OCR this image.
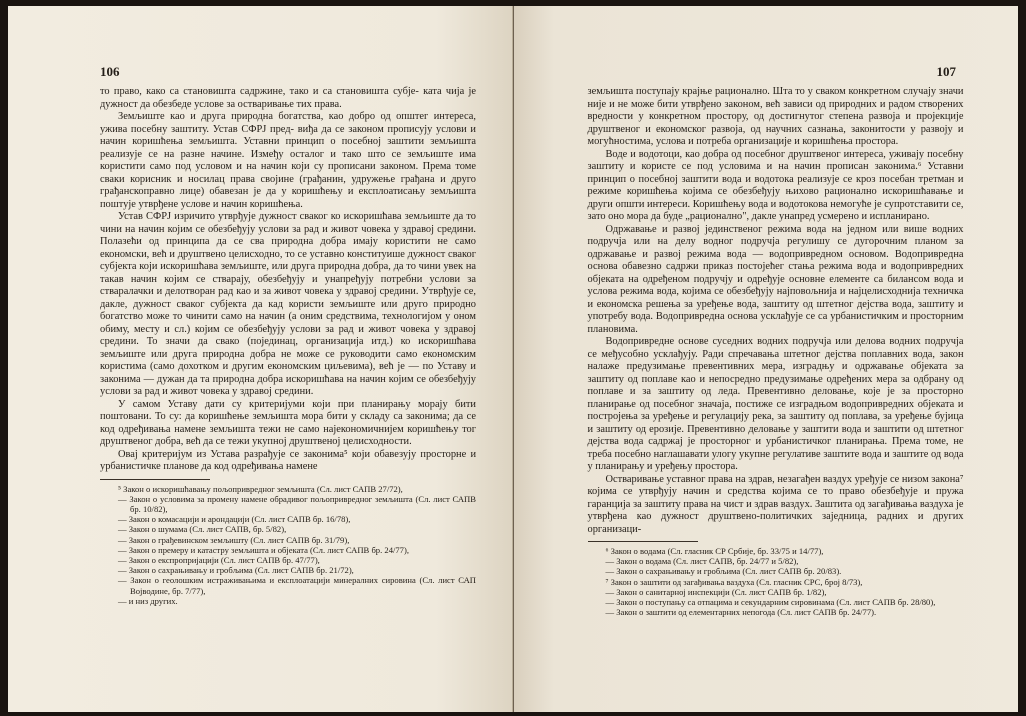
106

то право, како са становишта садржине, тако и са становишта субје- ката чија је дужност да обезбеде услове за остваривање тих права.

Земљиште као и друга природна богатства, као добро од општег интереса, ужива посебну заштиту. Устав СФРЈ пред- виђа да се законом прописују услови и начин коришћења земљишта. Уставни принцип о посебној заштити земљишта реализује се на разне начине. Између осталог и тако што се земљиште има користити само под условом и на начин који су прописани законом. Према томе сваки корисник и носилац права својине (грађанин, удружење грађана и друго грађанскоправно лице) обавезан је да у коришћењу и експлоатисању земљишта поштује утврђене услове и начин коришћења.

Устав СФРЈ изричито утврђује дужност сваког ко искоришћава земљиште да то чини на начин којим се обезбеђују услови за рад и живот човека у здравој средини. Полазећи од принципа да се сва природна добра имају користити не само економски, већ и друштвено целисходно, то се уставно конституише дужност сваког субјекта који искоришћава земљиште, или друга природна добра, да то чини увек на такав начин којим се стварају, обезбеђују и унапређују потребни услови за стваралачки и делотворан рад као и за живот човека у здравој средини. Утврђује се, дакле, дужност сваког субјекта да кад користи земљиште или друго природно богатство може то чинити само на начин (а оним средствима, технологијом у оном обиму, месту и сл.) којим се обезбеђују услови за рад и живот човека у здравој средини. То значи да свако (појединац, организација итд.) ко искоришћава земљиште или друга природна добра не може се руководити само економским користима (само дохотком и другим економским циљевима), већ је — по Уставу и законима — дужан да та природна добра искоришћава на начин којим се обезбеђују услови за рад и живот човека у здравој средини.

У самом Уставу дати су критеријуми који при планирању морају бити поштовани. То су: да коришћење земљишта мора бити у складу са законима; да се код одређивања намене земљишта тежи не само најекономичнијем коришћењу тог друштвеног добра, већ да се тежи укупној друштвеној целисходности.

Овај критеријум из Устава разрађује се законима⁵ који обавезују просторне и урбанистичке планове да код одређивања намене

⁵ Закон о искоришћавању пољопривредног земљишта (Сл. лист САПВ 27/72),

— Закон о условима за промену намене обрадивог пољопривредног земљишта (Сл. лист САПВ бр. 10/82),

— Закон о комасацији и арондацији (Сл. лист САПВ бр. 16/78),

— Закон о шумама (Сл. лист САПВ, бр. 5/82),

— Закон о грађевинском земљишту (Сл. лист САПВ бр. 31/79),

— Закон о премеру и катастру земљишта и објеката (Сл. лист САПВ бр. 24/77),

— Закон о експропријацији (Сл. лист САПВ бр. 47/77),

— Закон о сахрањивању и гробљима (Сл. лист САПВ бр. 21/72),

— Закон о геолошким истраживањима и експлоатацији минералних сировина (Сл. лист САП Војводине, бр. 7/77),

— и низ других.

107

земљишта поступају крајње рационално. Шта то у сваком конкретном случају значи није и не може бити утврђено законом, већ зависи од природних и радом створених вредности у конкретном простору, од достигнутог степена развоја и пројекције друштвеног и економског развоја, од научних сазнања, законитости у развоју и могућностима, услова и потреба организације и коришћења простора.

Воде и водотоци, као добра од посебног друштвеног интереса, уживају посебну заштиту и користе се под условима и на начин прописан законима.⁶ Уставни принцип о посебној заштити вода и водотока реализује се кроз посебан третман и режиме коришћења којима се обезбеђују њихово рационално искоришћавање и други општи интереси. Коришћењу вода и водотокова немогуће је супротставити се, зато оно мора да буде „рационално", дакле унапред усмерено и испланирано.

Одржавање и развој јединственог режима вода на једном или више водних подручја или на делу водног подручја регулишу се дугорочним планом за одржавање и развој режима вода — водопривредном основом. Водопривредна основа обавезно садржи приказ постојећег стања режима вода и водопривредних објеката на одређеном подручју и одређује основне елементе са билансом вода и услова режима вода, којима се обезбеђују најповољнија и најцелисходнија техничка и економска решења за уређење вода, заштиту од штетног дејства вода, заштиту и употребу вода. Водопривредна основа усклађује се са урбанистичким и просторним плановима.

Водопривредне основе суседних водних подручја или делова водних подручја се међусобно усклађују. Ради спречавања штетног дејства поплавних вода, закон налаже предузимање превентивних мера, изградњу и одржавање објеката за заштиту од поплаве као и непосредно предузимање одређених мера за одбрану од поплаве и за заштиту од леда. Превентивно деловање, које је за просторно планирање од посебног значаја, постиже се изградњом водопривредних објеката и постројења за уређење и регулацију река, за заштиту од поплава, за уређење бујица и заштиту од ерозије. Превентивно деловање у заштити вода и заштити од штетног дејства вода садржај је просторног и урбанистичког планирања. Према томе, не треба посебно наглашавати улогу укупне регулативе заштите вода и заштите од вода у планирању и уређењу простора.

Остваривање уставног права на здрав, незагађен ваздух уређује се низом закона⁷ којима се утврђују начин и средства којима се то право обезбеђује и пружа гаранција за заштиту права на чист и здрав ваздух. Заштита од загађивања ваздуха је утврђена као дужност друштвено-политичких заједница, радних и других организаци-

⁶ Закон о водама (Сл. гласник СР Србије, бр. 33/75 и 14/77),

— Закон о водама (Сл. лист САПВ, бр. 24/77 и 5/82),

— Закон о сахрањивању и гробљима (Сл. лист САПВ бр. 20/83).

⁷ Закон о заштити од загађивања ваздуха (Сл. гласник СРС, број 8/73),

— Закон о санитарној инспекцији (Сл. лист САПВ бр. 1/82),

— Закон о поступању са отпацима и секундарним сировинама (Сл. лист САПВ бр. 28/80),

— Закон о заштити од елементарних непогода (Сл. лист САПВ бр. 24/77).
